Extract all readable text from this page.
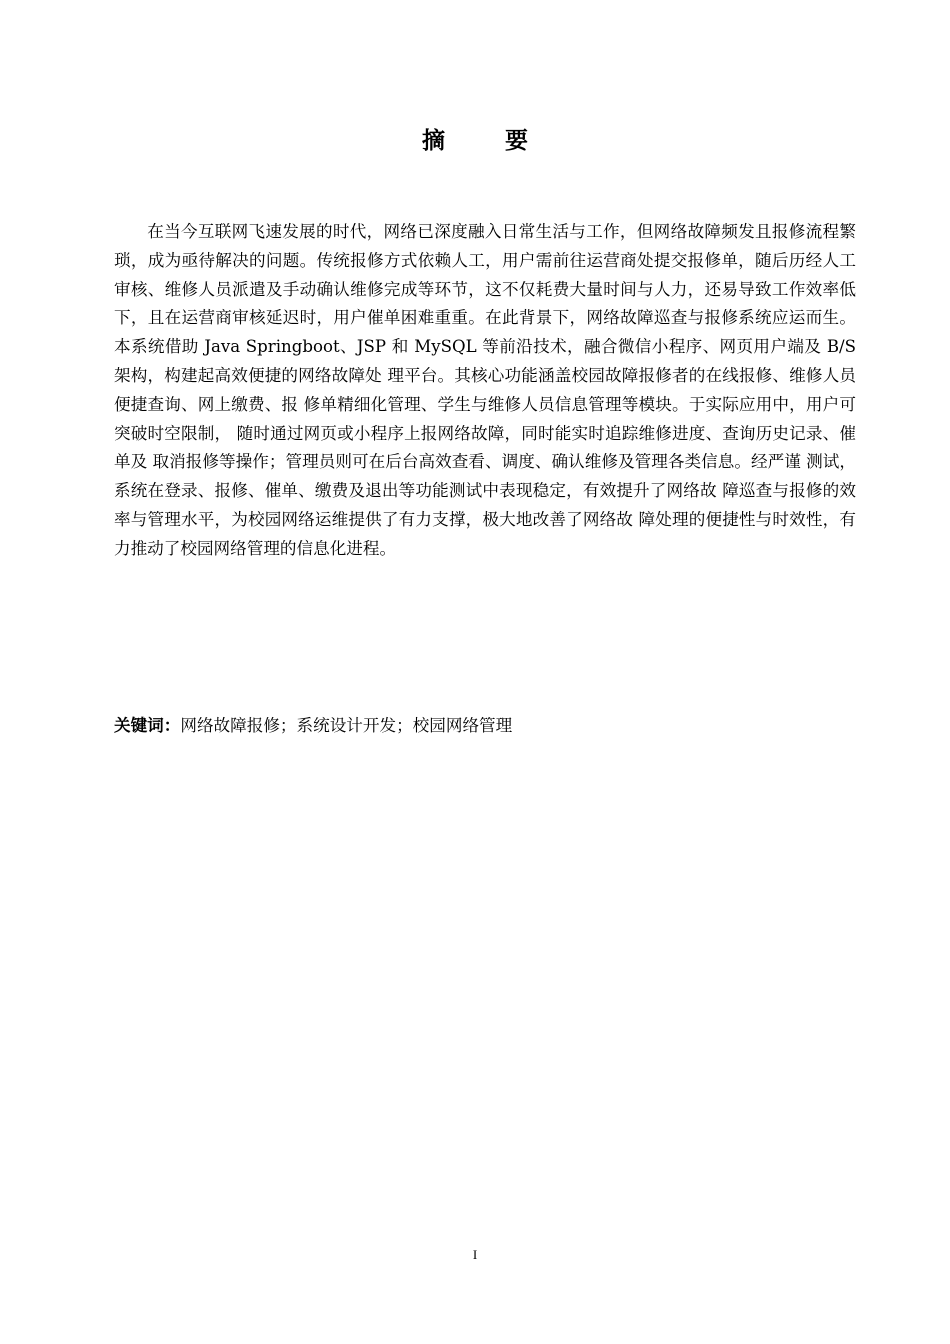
摘 要

在当今互联网飞速发展的时代，网络已深度融入日常生活与工作，但网络故障频发且报修流程繁琐，成为亟待解决的问题。传统报修方式依赖人工，用户需前往运营商处提交报修单，随后历经人工审核、维修人员派遣及手动确认维修完成等环节，这不仅耗费大量时间与人力，还易导致工作效率低下，且在运营商审核延迟时，用户催单困难重重。在此背景下，网络故障巡查与报修系统应运而生。本系统借助 Java Springboot、JSP 和 MySQL 等前沿技术，融合微信小程序、网页用户端及 B/S 架构，构建起高效便捷的网络故障处 理平台。其核心功能涵盖校园故障报修者的在线报修、维修人员便捷查询、网上缴费、报 修单精细化管理、学生与维修人员信息管理等模块。于实际应用中，用户可突破时空限制， 随时通过网页或小程序上报网络故障，同时能实时追踪维修进度、查询历史记录、催单及 取消报修等操作；管理员则可在后台高效查看、调度、确认维修及管理各类信息。经严谨 测试，系统在登录、报修、催单、缴费及退出等功能测试中表现稳定，有效提升了网络故 障巡查与报修的效率与管理水平，为校园网络运维提供了有力支撑，极大地改善了网络故 障处理的便捷性与时效性，有力推动了校园网络管理的信息化进程。

关键词：网络故障报修；系统设计开发；校园网络管理

I
